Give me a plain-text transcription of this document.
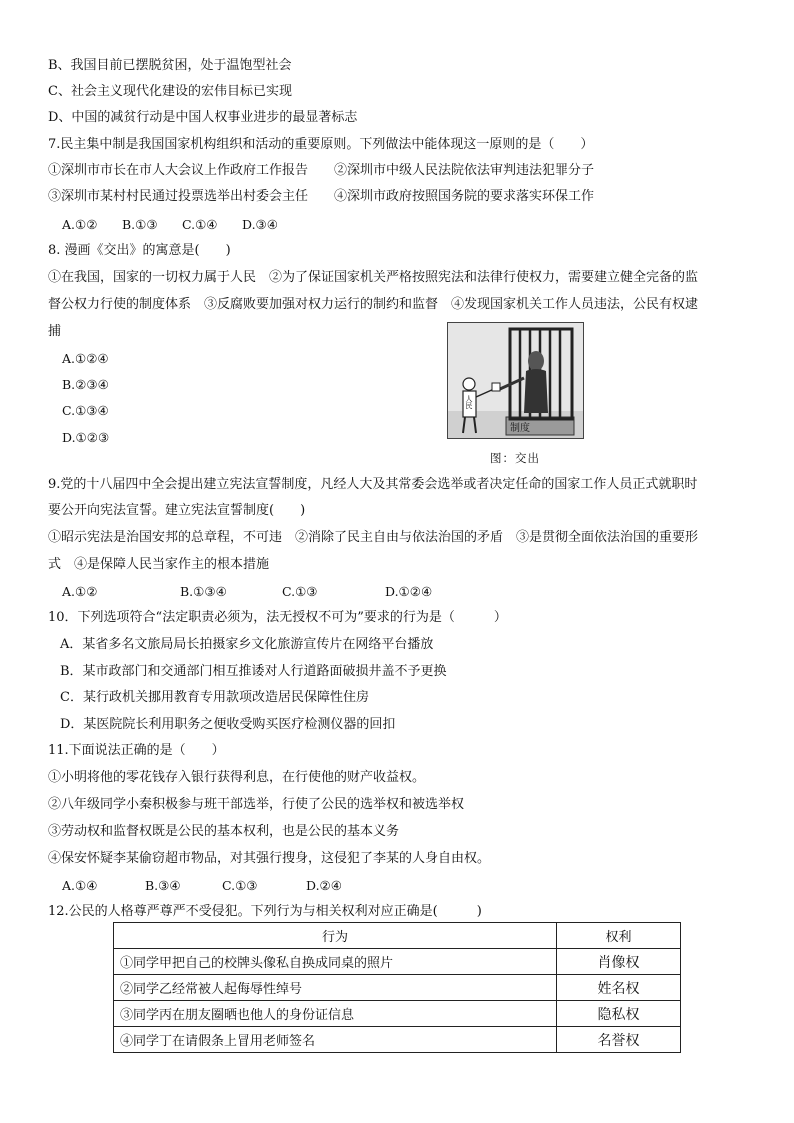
B、我国目前已摆脱贫困，处于温饱型社会
C、社会主义现代化建设的宏伟目标已实现
D、中国的减贫行动是中国人权事业进步的最显著标志
7.民主集中制是我国国家机构组织和活动的重要原则。下列做法中能体现这一原则的是（　　）
①深圳市市长在市人大会议上作政府工作报告　　②深圳市中级人民法院依法审判违法犯罪分子
③深圳市某村村民通过投票选举出村委会主任　　④深圳市政府按照国务院的要求落实环保工作
A.①② B.①③ C.①④ D.③④
8. 漫画《交出》的寓意是(　　)
①在我国，国家的一切权力属于人民　②为了保证国家机关严格按照宪法和法律行使权力，需要建立健全完备的监
督公权力行使的制度体系　③反腐败要加强对权力运行的制约和监督　④发现国家机关工作人员违法，公民有权逮
捕
A.①②④
B.②③④
C.①③④
D.①②③
人民
制度
图：交出
9.党的十八届四中全会提出建立宪法宣誓制度，凡经人大及其常委会选举或者决定任命的国家工作人员正式就职时
要公开向宪法宣誓。建立宪法宣誓制度(　　)
①昭示宪法是治国安邦的总章程，不可违　②消除了民主自由与依法治国的矛盾　③是贯彻全面依法治国的重要形
式　④是保障人民当家作主的根本措施
A.①②	B.①③④	C.①③	D.①②④
10．下列选项符合“法定职责必须为，法无授权不可为”要求的行为是（　　　）
A．某省多名文旅局局长拍摄家乡文化旅游宣传片在网络平台播放
B．某市政部门和交通部门相互推诿对人行道路面破损井盖不予更换
C．某行政机关挪用教育专用款项改造居民保障性住房
D．某医院院长利用职务之便收受购买医疗检测仪器的回扣
11.下面说法正确的是（　　）
①小明将他的零花钱存入银行获得利息，在行使他的财产收益权。
②八年级同学小秦积极参与班干部选举，行使了公民的选举权和被选举权
③劳动权和监督权既是公民的基本权利，也是公民的基本义务
④保安怀疑李某偷窃超市物品，对其强行搜身，这侵犯了李某的人身自由权。
A.①④	B.③④	C.①③	D.②④
12.公民的人格尊严尊严不受侵犯。下列行为与相关权利对应正确是(　　　)
行为	权利
①同学甲把自己的校牌头像私自换成同桌的照片	肖像权
②同学乙经常被人起侮辱性绰号	姓名权
③同学丙在朋友圈晒也他人的身份证信息	隐私权
④同学丁在请假条上冒用老师签名	名誉权
